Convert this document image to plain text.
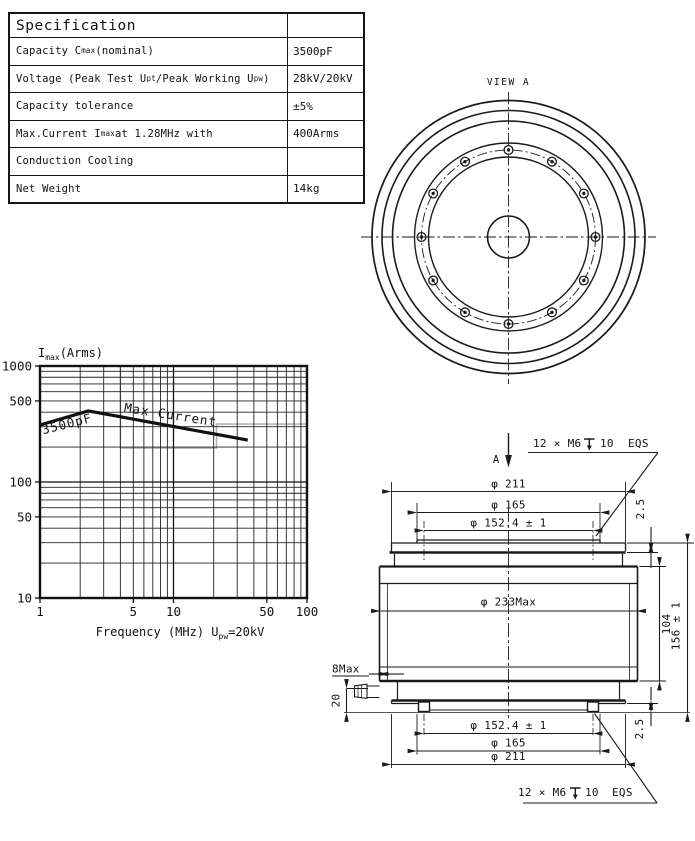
Specification
Capacity C max (nominal)	3500pF
Voltage (Peak Test U pt /Peak Working U pw )	28kV/20kV
Capacity tolerance	±5%
Max.Current I max at 1.28MHz with	400Arms
Conduction Cooling
Net Weight	14kg
VIEW A
1	5 10	50 100
1000
500
100
50
10
3500pF Max Current
$I_{max}(Arms)$
Frequency (MHz) $U_{pw}=20kV$
A
12 × M6 10 EQS
φ 211
φ 165
φ 152.4 ± 1
φ 233Max
8Max
20
φ 152.4 ± 1
φ 165
φ 211
12 × M6 10 EQS
2.5
104
156 ± 1
2.5
